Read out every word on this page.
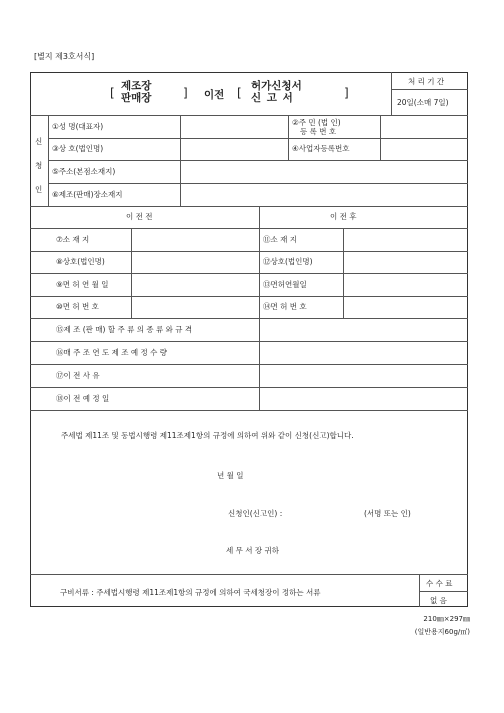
[별지 제3호서식]
[ 제조장
판매장	] 이전 [ 허가신청서
신 고 서	]
처 리 기 간
20일(소매 7일)
신
청
인
①성 명(대표자)	②주 민 (법 인)
등 록 번 호
③상 호(법인명)	④사업자등록번호
⑤주소(본점소재지)
⑥제조(판매)장소재지
이 전 전	이 전 후
⑦소 재 지	⑪소 재 지
⑧상호(법인명)	⑫상호(법인명)
⑨면 허 연 월 일	⑬면허연월일
⑩면 허 번 호	⑭면 허 번 호
⑮제 조 (판 매) 할 주 류 의 종 류 와 규 격
⑯매 주 조 연 도 제 조 예 정 수 량
⑰이 전 사 유
⑱이 전 예 정 일
주세법 제11조 및 동법시행령 제11조제1항의 규정에 의하여 위와 같이 신청(신고)합니다.
년 월 일
신청인(신고인) :	(서명 또는 인)
세 무 서 장 귀하
구비서류 : 주세법시행령 제11조제1항의 규정에 의하여 국세청장이 정하는 서류
수 수 료
없 음
210㎜×297㎜
(일반용지60g/㎡)
